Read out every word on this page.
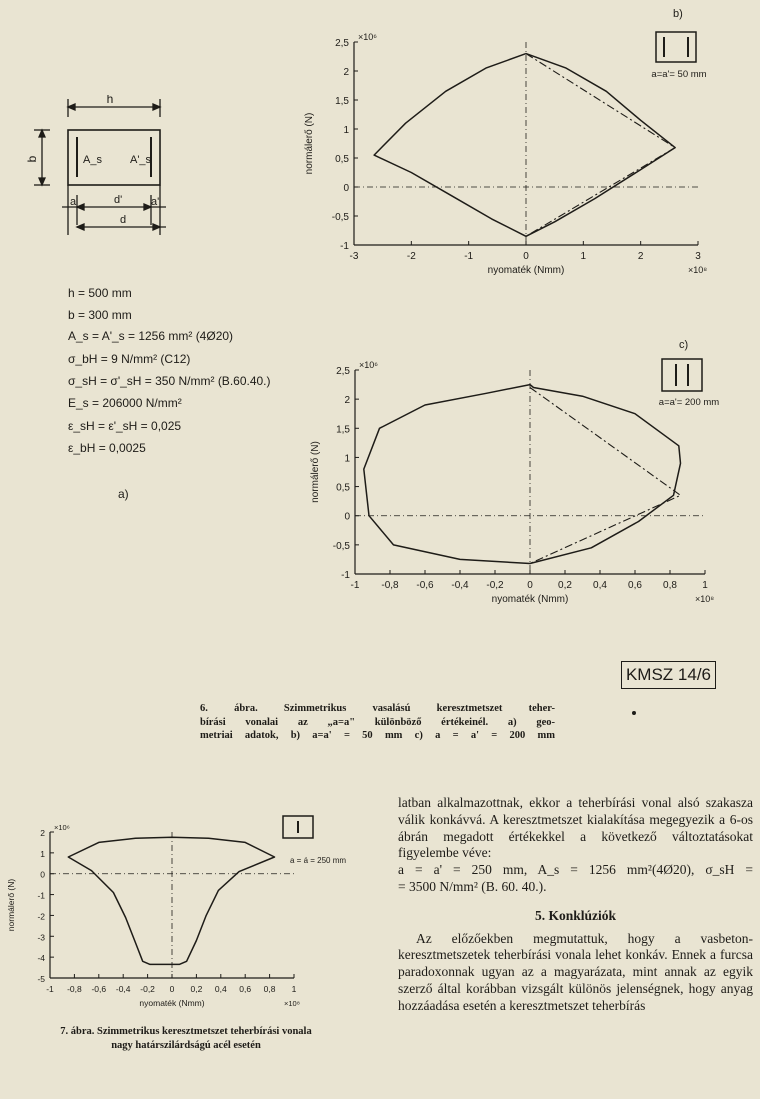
h
b	A_s	A'_s
a	a'
d'
d
h = 500 mm
b = 300 mm
A_s = A'_s = 1256 mm² (4Ø20)
σ_bH = 9 N/mm² (C12)
σ_sH = σ'_sH = 350 N/mm² (B.60.40.)
E_s = 206000 N/mm²
ε_sH = ε'_sH = 0,025
ε_bH = 0,0025
a)
-3	-2	-1	0	1	2	3
-1
-0,5
0
0,5
1
1,5
2
2,5
nyomaték (Nmm)
normálerő (N)
×10⁸
×10⁶
a=a'= 50 mm
b)
-1 -0,8 -0,6 -0,4 -0,2 0	0,2 0,4 0,6 0,8	1
-1
-0,5
0
0,5
1
1,5
2
2,5
nyomaték (Nmm)
normálerő (N)
×10⁸
×10⁶
a=a'= 200 mm
c)
-1 -0,8 -0,6 -0,4 -0,2 0 0,2 0,4 0,6 0,8 1
-5
-4
-3
-2
-1
0
1
2
nyomaték (Nmm)
normálerő (N)
×10⁸
×10⁶
a = á = 250 mm
KMSZ 14/6
6. ábra. Szimmetrikus vasalású keresztmetszet teher-
bírási vonalai az „a=a" különböző értékeinél. a) geo-
metriai adatok, b) a=a' = 50 mm c) a = a' = 200 mm
7. ábra. Szimmetrikus keresztmetszet teherbírási vonala
nagy határszilárdságú acél esetén

latban alkalmazottnak, ekkor a teherbírási vonal alsó szakasza válik konkávvá. A keresztmetszet kialakítása megegyezik a 6-os ábrán megadott értékekkel a következő változtatásokat figyelembe véve:

a = a' = 250 mm, A_s = 1256 mm²(4Ø20), σ_sH =

= 3500 N/mm² (B. 60. 40.).

5. Konklúziók

Az előzőekben megmutattuk, hogy a vasbeton-keresztmetszetek teherbírási vonala lehet konkáv. Ennek a furcsa paradoxonnak ugyan az a magyarázata, mint annak az egyik szerző által korábban vizsgált különös jelenségnek, hogy anyag hozzáadása esetén a keresztmetszet teherbírás
